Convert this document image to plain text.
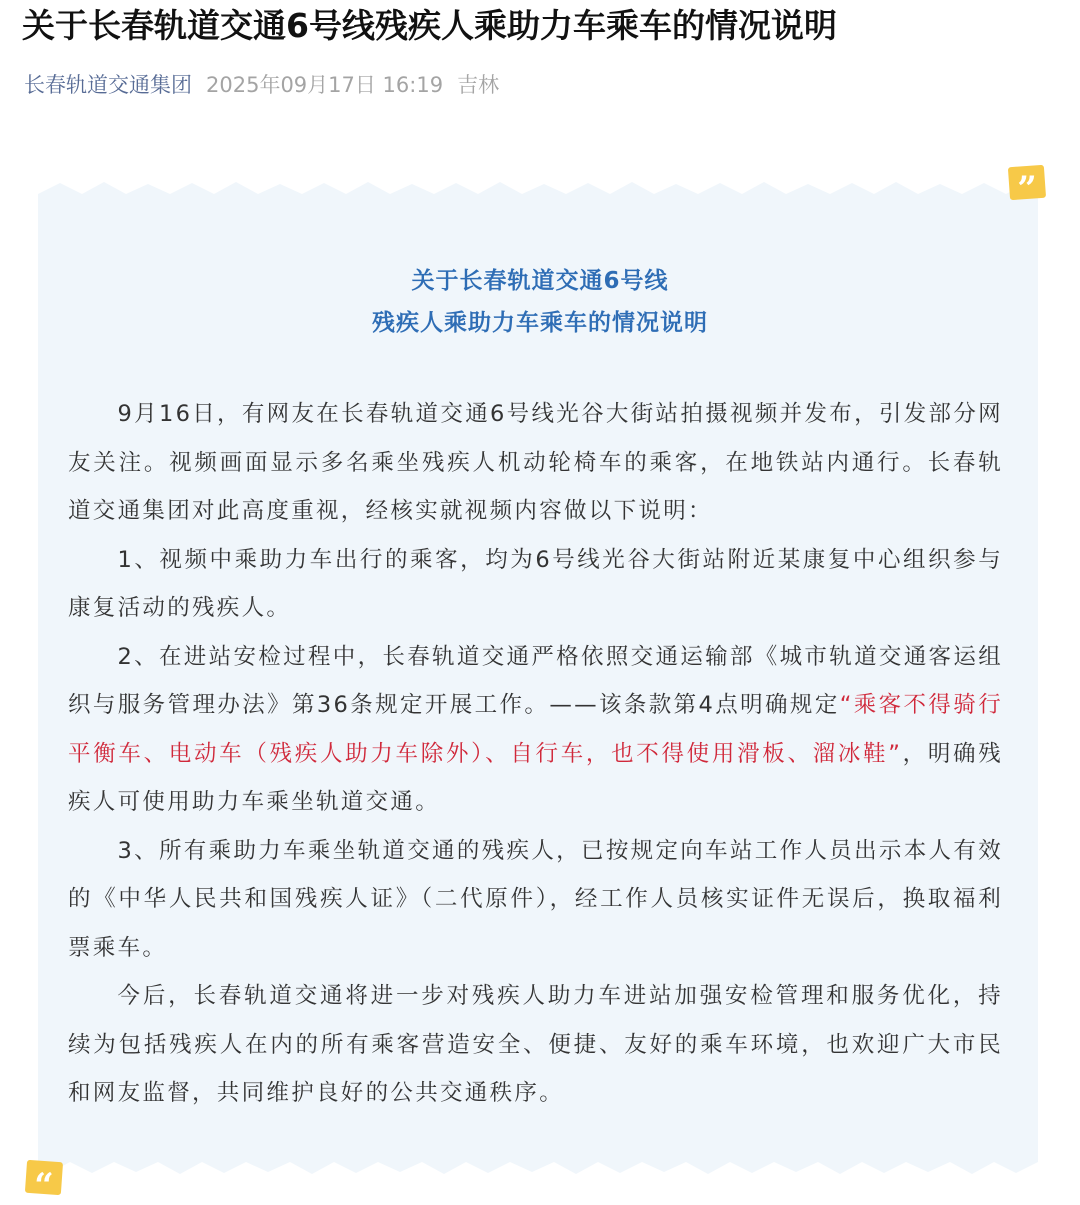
关于长春轨道交通6号线残疾人乘助力车乘车的情况说明
长春轨道交通集团 2025年09月17日 16:19 吉林
”
“
关于长春轨道交通6号线
残疾人乘助力车乘车的情况说明

9月16日，有网友在长春轨道交通6号线光谷大街站拍摄视频并发布，引发部分网友关注。视频画面显示多名乘坐残疾人机动轮椅车的乘客，在地铁站内通行。长春轨道交通集团对此高度重视，经核实就视频内容做以下说明：

1、视频中乘助力车出行的乘客，均为6号线光谷大街站附近某康复中心组织参与康复活动的残疾人。

2、在进站安检过程中，长春轨道交通严格依照交通运输部《城市轨道交通客运组织与服务管理办法》第36条规定开展工作。——该条款第4点明确规定“乘客不得骑行平衡车、电动车（残疾人助力车除外）、自行车，也不得使用滑板、溜冰鞋”，明确残疾人可使用助力车乘坐轨道交通。

3、所有乘助力车乘坐轨道交通的残疾人，已按规定向车站工作人员出示本人有效的《中华人民共和国残疾人证》（二代原件），经工作人员核实证件无误后，换取福利票乘车。

今后，长春轨道交通将进一步对残疾人助力车进站加强安检管理和服务优化，持续为包括残疾人在内的所有乘客营造安全、便捷、友好的乘车环境，也欢迎广大市民和网友监督，共同维护良好的公共交通秩序。
